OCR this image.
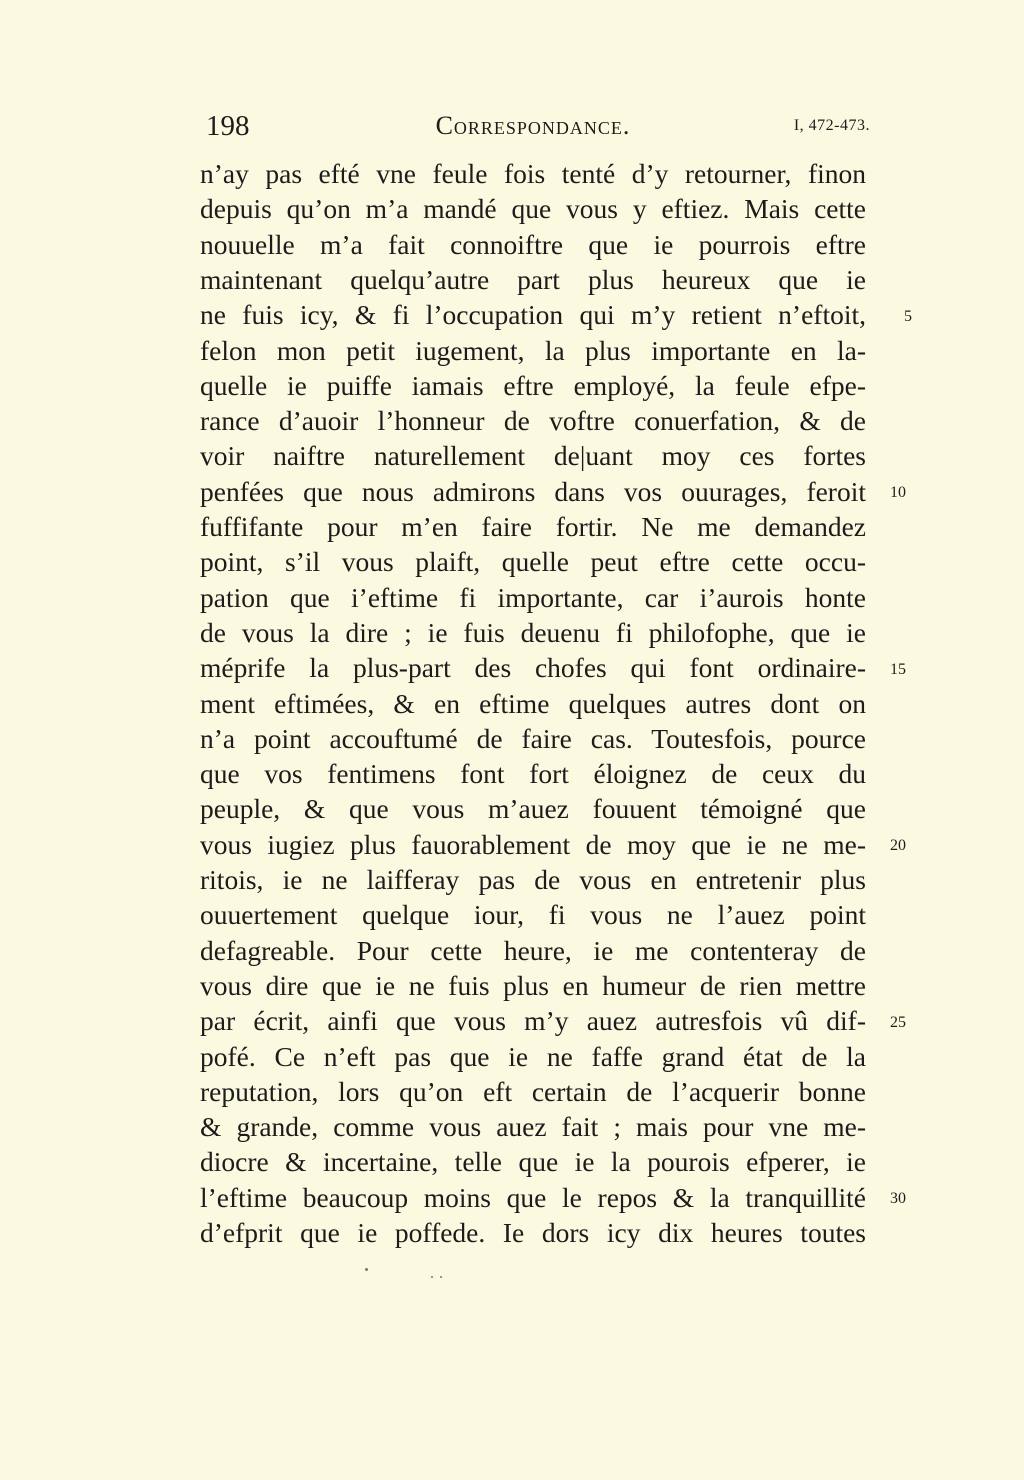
198	Correspondance.	I, 472-473.
n’ay pas efté vne feule fois tenté d’y retourner, finon
depuis qu’on m’a mandé que vous y eftiez. Mais cette
nouuelle m’a fait connoiftre que ie pourrois eftre
maintenant quelqu’autre part plus heureux que ie
ne fuis icy, & fi l’occupation qui m’y retient n’eftoit,
felon mon petit iugement, la plus importante en la-
quelle ie puiffe iamais eftre employé, la feule efpe-
rance d’auoir l’honneur de voftre conuerfation, & de
voir naiftre naturellement de|uant moy ces fortes
penfées que nous admirons dans vos ouurages, feroit
fuffifante pour m’en faire fortir. Ne me demandez
point, s’il vous plaift, quelle peut eftre cette occu-
pation que i’eftime fi importante, car i’aurois honte
de vous la dire ; ie fuis deuenu fi philofophe, que ie
méprife la plus-part des chofes qui font ordinaire-
ment eftimées, & en eftime quelques autres dont on
n’a point accouftumé de faire cas. Toutesfois, pource
que vos fentimens font fort éloignez de ceux du
peuple, & que vous m’auez fouuent témoigné que
vous iugiez plus fauorablement de moy que ie ne me-
ritois, ie ne laifferay pas de vous en entretenir plus
ouuertement quelque iour, fi vous ne l’auez point
defagreable. Pour cette heure, ie me contenteray de
vous dire que ie ne fuis plus en humeur de rien mettre
par écrit, ainfi que vous m’y auez autresfois vû dif-
pofé. Ce n’eft pas que ie ne faffe grand état de la
reputation, lors qu’on eft certain de l’acquerir bonne
& grande, comme vous auez fait ; mais pour vne me-
diocre & incertaine, telle que ie la pourois efperer, ie
l’eftime beaucoup moins que le repos & la tranquillité
d’efprit que ie poffede. Ie dors icy dix heures toutes
5
10
15
20
25
30
